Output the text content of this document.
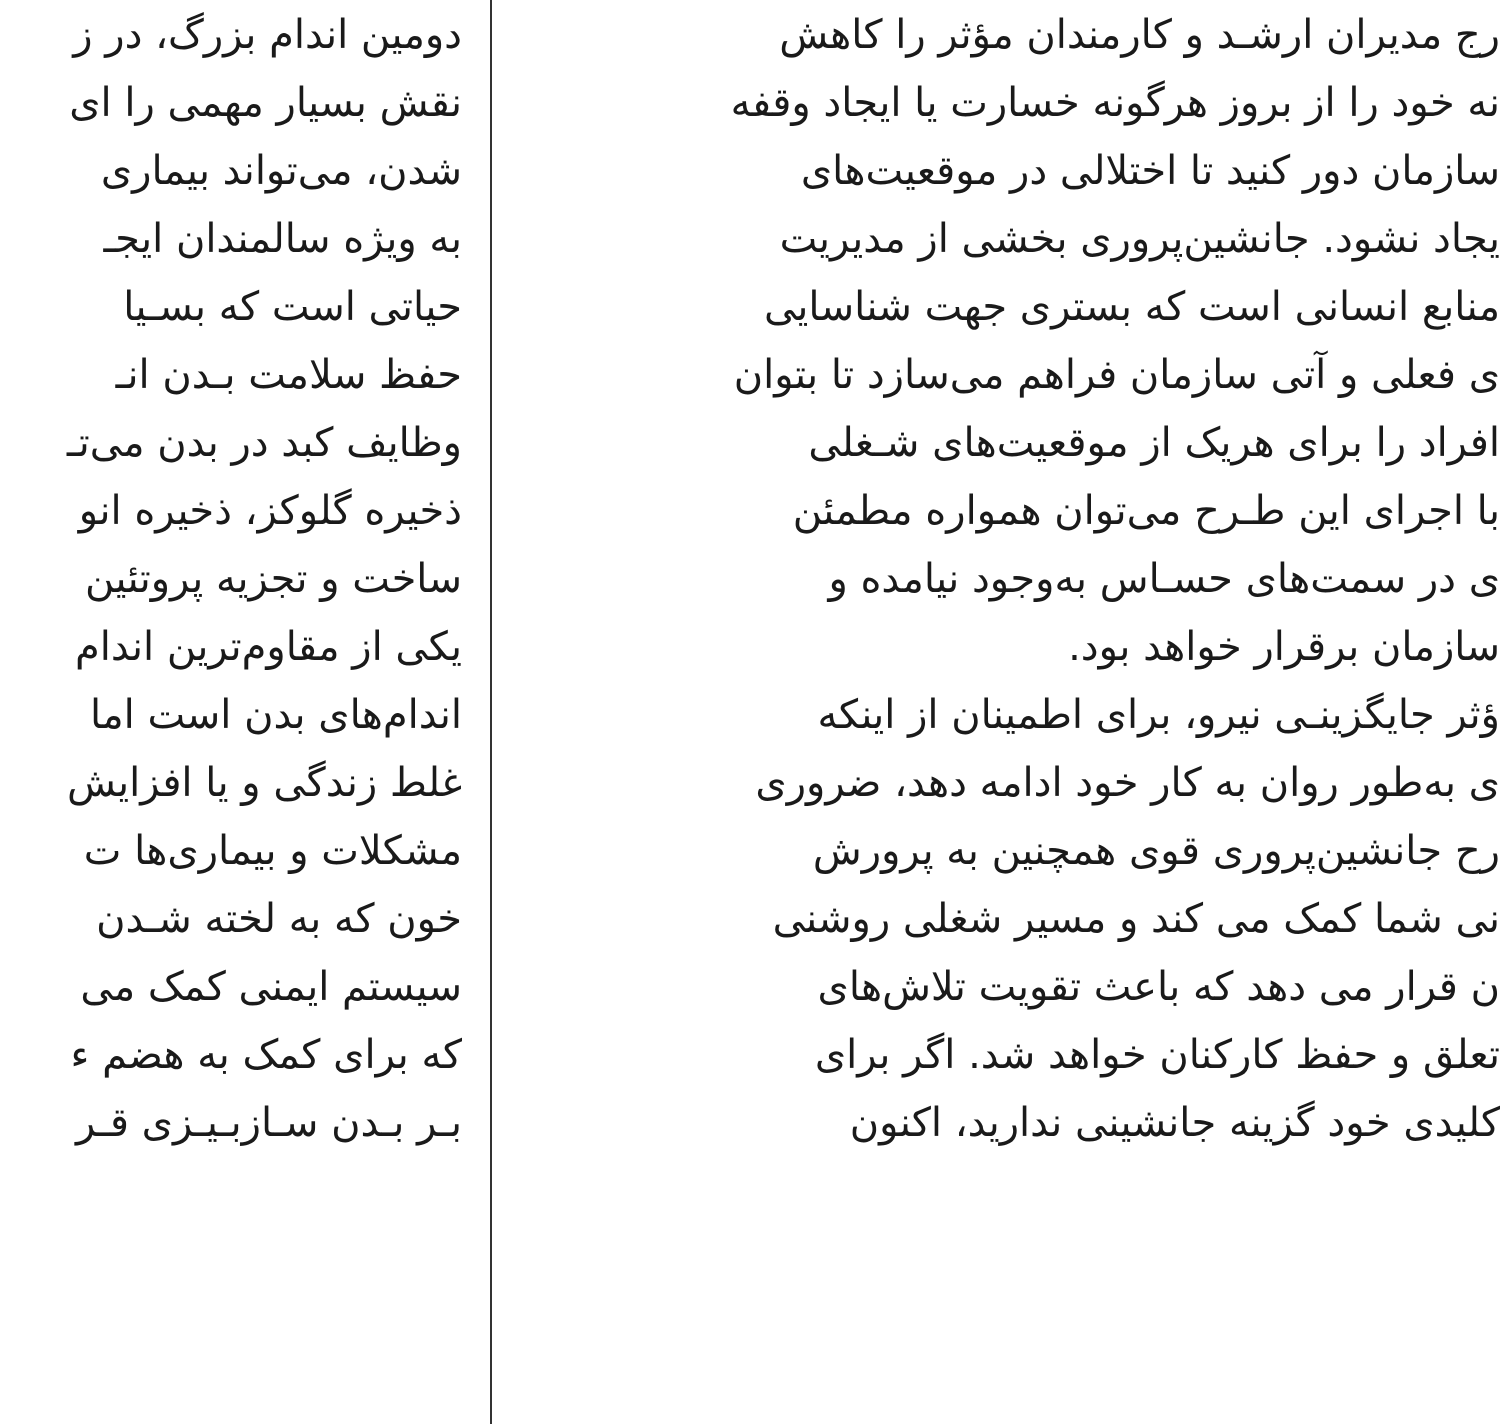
دومین اندام بزرگ، در ز
نقش بسیار مهمی را ای
شدن، می‌تواند بیماری
به ویژه سالمندان ایجـ
حیاتی است که بسـیا
حفظ سلامت بـدن انـ
وظایف کبد در بدن می‌تـ
ذخیره گلوکز، ذخیره انو
ساخت و تجزیه پروتئین
یکی از مقاوم‌ترین اندام
اندام‌های بدن است اما
غلط زندگی و یا افزایش
مشکلات و بیماری‌ها ت
خون که به لخته شـدن
سیستم ایمنی کمک می
که برای کمک به هضم ء
بـر بـدن سـازبـیـزی قـر
رج مدیران ارشـد و کارمندان مؤثر را کاهش
نه خود را از بروز هرگونه خسارت یا ایجاد وقفه
سازمان دور کنید تا اختلالی در موقعیت‌های
یجاد نشود. جانشین‌پروری بخشی از مدیریت
منابع انسانی است که بستری جهت شناسایی
ی فعلی و آتی سازمان فراهم می‌سازد تا بتوان
افراد را برای هریک از موقعیت‌های شـغلی
با اجرای این طـرح می‌توان همواره مطمئن
ی در سمت‌های حسـاس به‌وجود نیامده و
سازمان برقرار خواهد بود.
ؤثر جایگزینـی نیرو، برای اطمینان از اینکه
ی به‌طور روان به کار خود ادامه دهد، ضروری
رح جانشین‌پروری قوی همچنین به پرورش
نی شما کمک می کند و مسیر شغلی روشنی
ن قرار می دهد که باعث تقویت تلاش‌های
تعلق و حفظ کارکنان خواهد شد. اگر برای
کلیدی خود گزینه جانشینی ندارید، اکنون
